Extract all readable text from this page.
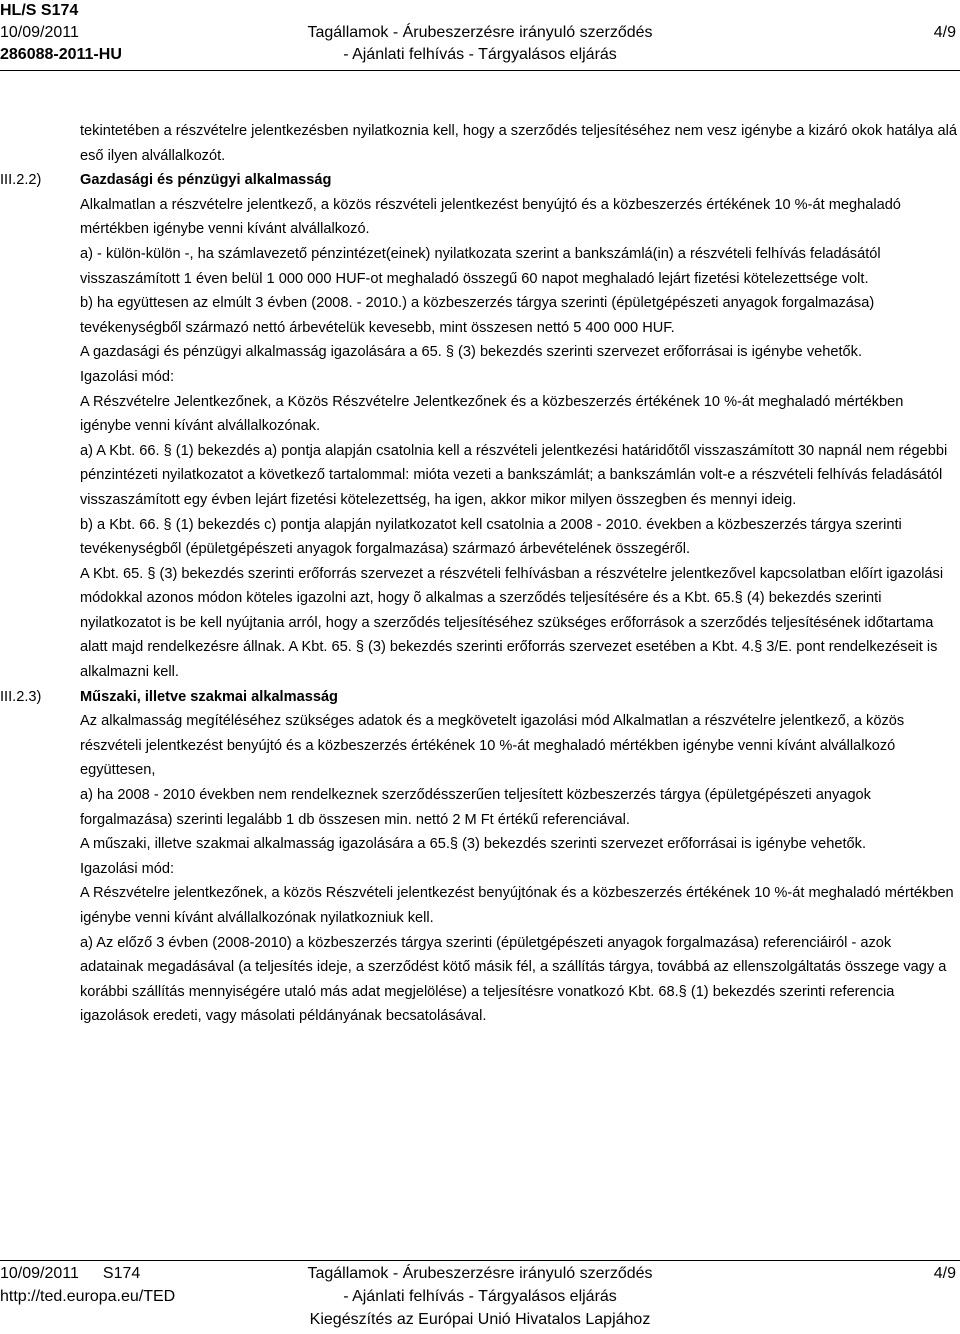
HL/S S174
10/09/2011
286088-2011-HU
Tagállamok - Árubeszerzésre irányuló szerződés
- Ajánlati felhívás - Tárgyalásos eljárás
4/9

tekintetében a részvételre jelentkezésben nyilatkoznia kell, hogy a szerződés teljesítéséhez nem vesz igénybe a kizáró okok hatálya alá eső ilyen alvállalkozót.

III.2.2)	Gazdasági és pénzügyi alkalmasság

Alkalmatlan a részvételre jelentkező, a közös részvételi jelentkezést benyújtó és a közbeszerzés értékének 10 %-át meghaladó mértékben igénybe venni kívánt alvállalkozó.

a) - külön-külön -, ha számlavezető pénzintézet(einek) nyilatkozata szerint a bankszámlá(in) a részvételi felhívás feladásától visszaszámított 1 éven belül 1 000 000 HUF-ot meghaladó összegű 60 napot meghaladó lejárt fizetési kötelezettsége volt.

b) ha együttesen az elmúlt 3 évben (2008. - 2010.) a közbeszerzés tárgya szerinti (épületgépészeti anyagok forgalmazása) tevékenységből származó nettó árbevételük kevesebb, mint összesen nettó 5 400 000 HUF.

A gazdasági és pénzügyi alkalmasság igazolására a 65. § (3) bekezdés szerinti szervezet erőforrásai is igénybe vehetők.

Igazolási mód:

A Részvételre Jelentkezőnek, a Közös Részvételre Jelentkezőnek és a közbeszerzés értékének 10 %-át meghaladó mértékben igénybe venni kívánt alvállalkozónak.

a) A Kbt. 66. § (1) bekezdés a) pontja alapján csatolnia kell a részvételi jelentkezési határidőtől visszaszámított 30 napnál nem régebbi pénzintézeti nyilatkozatot a következő tartalommal: mióta vezeti a bankszámlát; a bankszámlán volt-e a részvételi felhívás feladásától visszaszámított egy évben lejárt fizetési kötelezettség, ha igen, akkor mikor milyen összegben és mennyi ideig.

b) a Kbt. 66. § (1) bekezdés c) pontja alapján nyilatkozatot kell csatolnia a 2008 - 2010. években a közbeszerzés tárgya szerinti tevékenységből (épületgépészeti anyagok forgalmazása) származó árbevételének összegéről.

A Kbt. 65. § (3) bekezdés szerinti erőforrás szervezet a részvételi felhívásban a részvételre jelentkezővel kapcsolatban előírt igazolási módokkal azonos módon köteles igazolni azt, hogy õ alkalmas a szerződés teljesítésére és a Kbt. 65.§ (4) bekezdés szerinti nyilatkozatot is be kell nyújtania arról, hogy a szerződés teljesítéséhez szükséges erőforrások a szerződés teljesítésének időtartama alatt majd rendelkezésre állnak. A Kbt. 65. § (3) bekezdés szerinti erőforrás szervezet esetében a Kbt. 4.§ 3/E. pont rendelkezéseit is alkalmazni kell.

III.2.3)	Műszaki, illetve szakmai alkalmasság

Az alkalmasság megítéléséhez szükséges adatok és a megkövetelt igazolási mód Alkalmatlan a részvételre jelentkező, a közös részvételi jelentkezést benyújtó és a közbeszerzés értékének 10 %-át meghaladó mértékben igénybe venni kívánt alvállalkozó együttesen,

a) ha 2008 - 2010 években nem rendelkeznek szerződésszerűen teljesített közbeszerzés tárgya (épületgépészeti anyagok forgalmazása) szerinti legalább 1 db összesen min. nettó 2 M Ft értékű referenciával.

A műszaki, illetve szakmai alkalmasság igazolására a 65.§ (3) bekezdés szerinti szervezet erőforrásai is igénybe vehetők.

Igazolási mód:

A Részvételre jelentkezőnek, a közös Részvételi jelentkezést benyújtónak és a közbeszerzés értékének 10 %-át meghaladó mértékben igénybe venni kívánt alvállalkozónak nyilatkozniuk kell.

a) Az előző 3 évben (2008-2010) a közbeszerzés tárgya szerinti (épületgépészeti anyagok forgalmazása) referenciáiról - azok adatainak megadásával (a teljesítés ideje, a szerződést kötő másik fél, a szállítás tárgya, továbbá az ellenszolgáltatás összege vagy a korábbi szállítás mennyiségére utaló más adat megjelölése) a teljesítésre vonatkozó Kbt. 68.§ (1) bekezdés szerinti referencia igazolások eredeti, vagy másolati példányának becsatolásával.

10/09/2011 S174
http://ted.europa.eu/TED
Tagállamok - Árubeszerzésre irányuló szerződés
- Ajánlati felhívás - Tárgyalásos eljárás
Kiegészítés az Európai Unió Hivatalos Lapjához
4/9
